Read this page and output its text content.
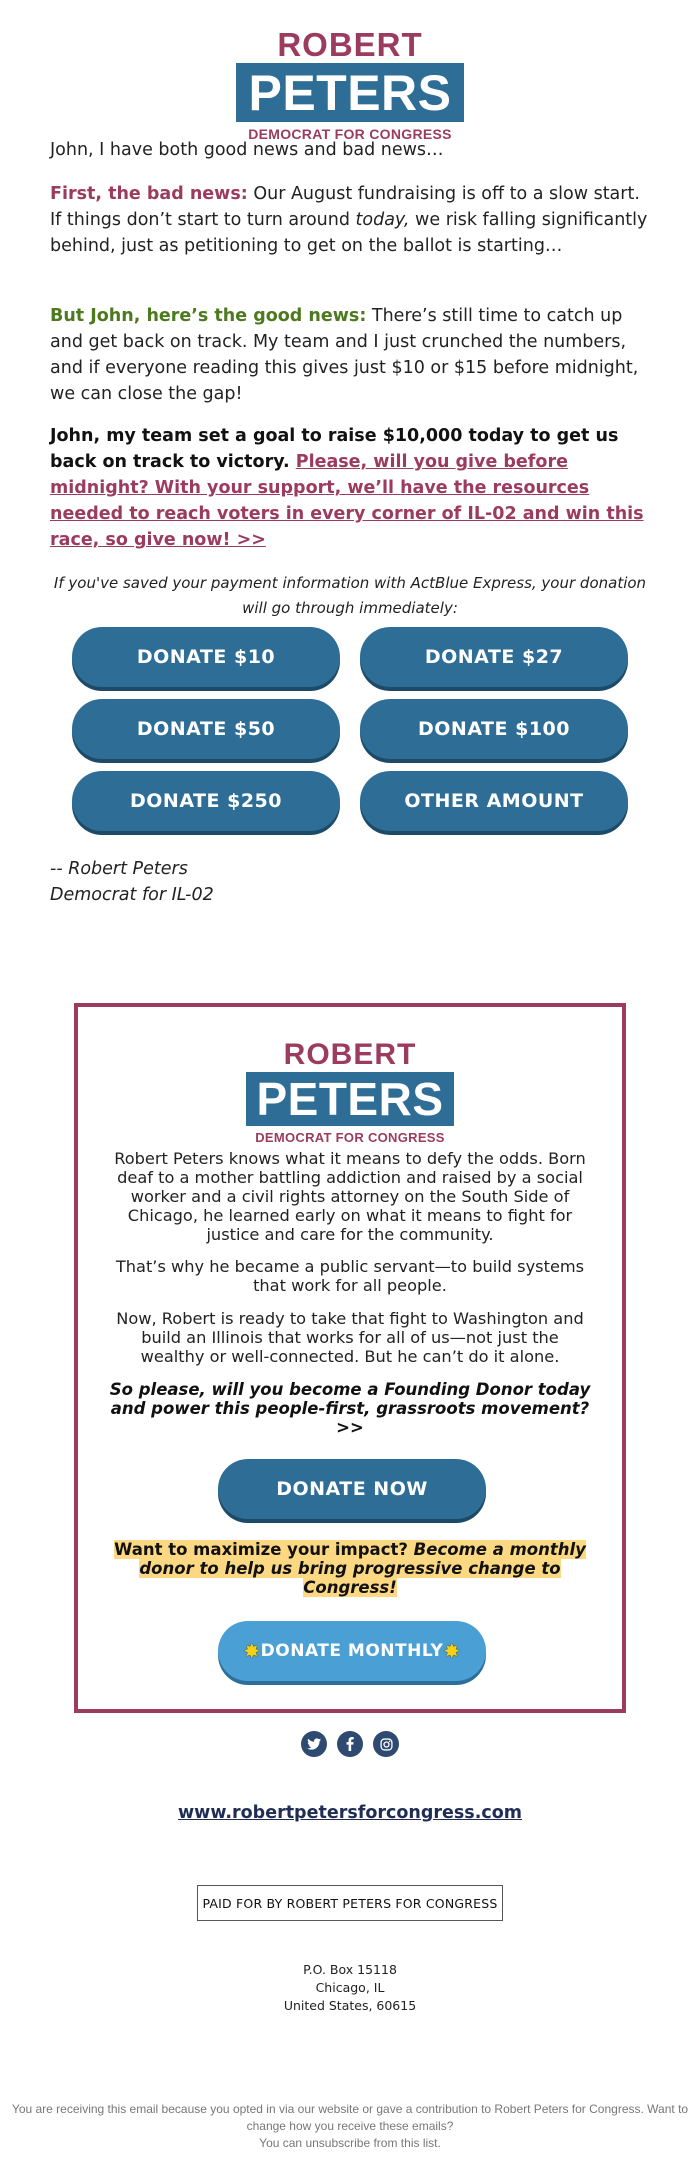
ROBERT
PETERS
DEMOCRAT FOR CONGRESS

John, I have both good news and bad news…

First, the bad news: Our August fundraising is off to a slow start. If things don’t start to turn around today, we risk falling significantly behind, just as petitioning to get on the ballot is starting…

But John, here’s the good news: There’s still time to catch up and get back on track. My team and I just crunched the numbers, and if everyone reading this gives just $10 or $15 before midnight, we can close the gap!

John, my team set a goal to raise $10,000 today to get us back on track to victory. Please, will you give before midnight? With your support, we’ll have the resources needed to reach voters in every corner of IL-02 and win this race, so give now! >>

If you've saved your payment information with ActBlue Express, your donation will go through immediately:

DONATE $10	DONATE $27
DONATE $50	DONATE $100
DONATE $250	OTHER AMOUNT
-- Robert Peters
Democrat for IL-02
ROBERT
PETERS
DEMOCRAT FOR CONGRESS

Robert Peters knows what it means to defy the odds. Born deaf to a mother battling addiction and raised by a social worker and a civil rights attorney on the South Side of Chicago, he learned early on what it means to fight for justice and care for the community.

That’s why he became a public servant—to build systems that work for all people.

Now, Robert is ready to take that fight to Washington and build an Illinois that works for all of us—not just the wealthy or well-connected. But he can’t do it alone.

So please, will you become a Founding Donor today and power this people-first, grassroots movement? >>

DONATE NOW

Want to maximize your impact? Become a monthly donor to help us bring progressive change to Congress!

✸ DONATE MONTHLY ✸
www.robertpetersforcongress.com
PAID FOR BY ROBERT PETERS FOR CONGRESS
P.O. Box 15118
Chicago, IL
United States, 60615
You are receiving this email because you opted in via our website or gave a contribution to Robert Peters for Congress. Want to change how you receive these emails?
You can unsubscribe from this list.
